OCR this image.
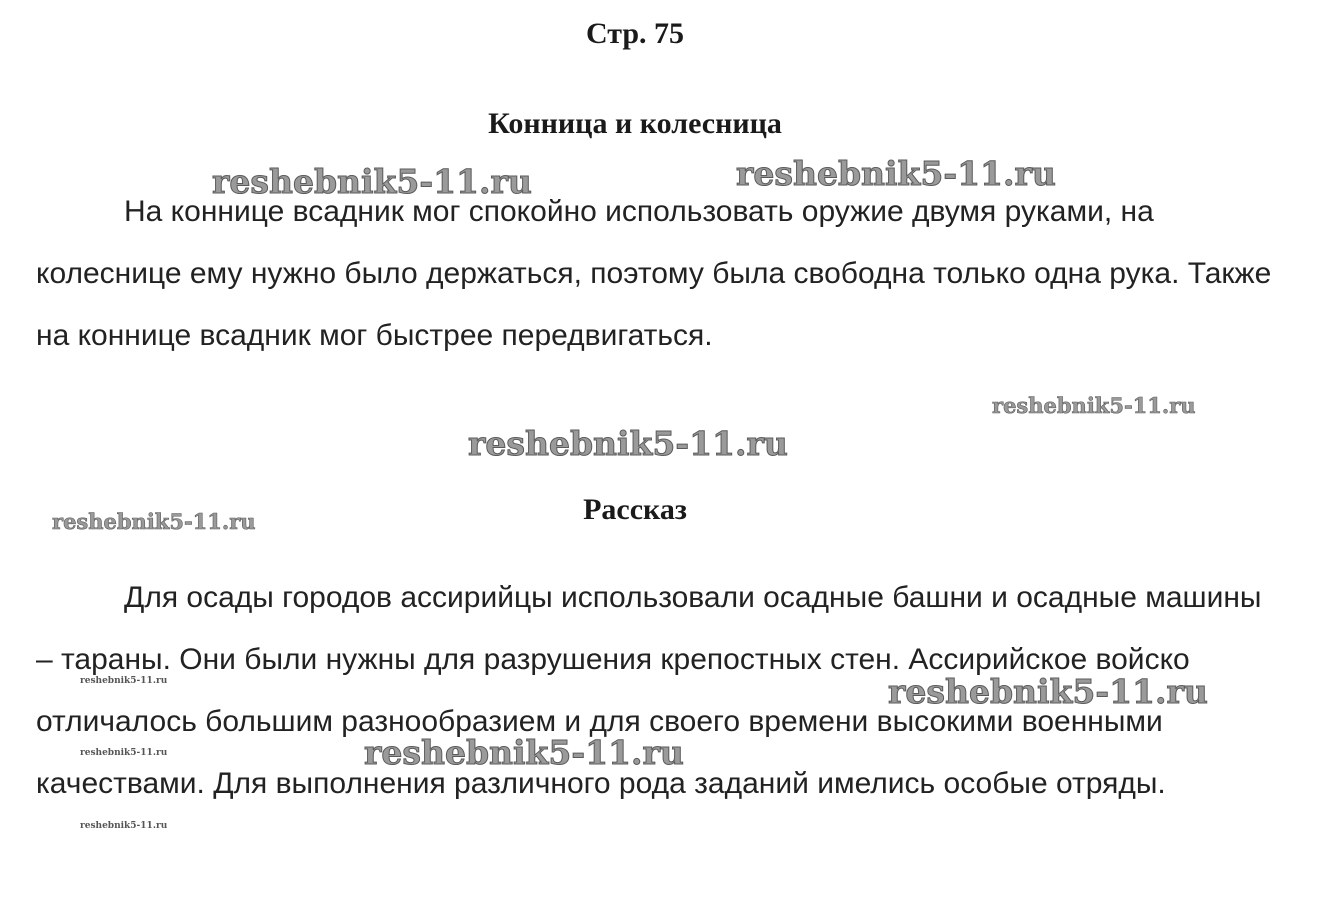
Стр. 75
Конница и колесница

На коннице всадник мог спокойно использовать оружие двумя руками, на колеснице ему нужно было держаться, поэтому была свободна только одна рука. Также на коннице всадник мог быстрее передвигаться.

Рассказ

Для осады городов ассирийцы использовали осадные башни и осадные машины – тараны. Они были нужны для разрушения крепостных стен. Ассирийское войско отличалось большим разнообразием и для своего времени высокими военными качествами. Для выполнения различного рода заданий имелись особые отряды.

reshebnik5-11.ru	reshebnik5-11.ru
reshebnik5-11.ru
reshebnik5-11.ru
reshebnik5-11.ru
reshebnik5-11.ru
reshebnik5-11.ru
reshebnik5-11.ru
reshebnik5-11.ru
reshebnik5-11.ru
